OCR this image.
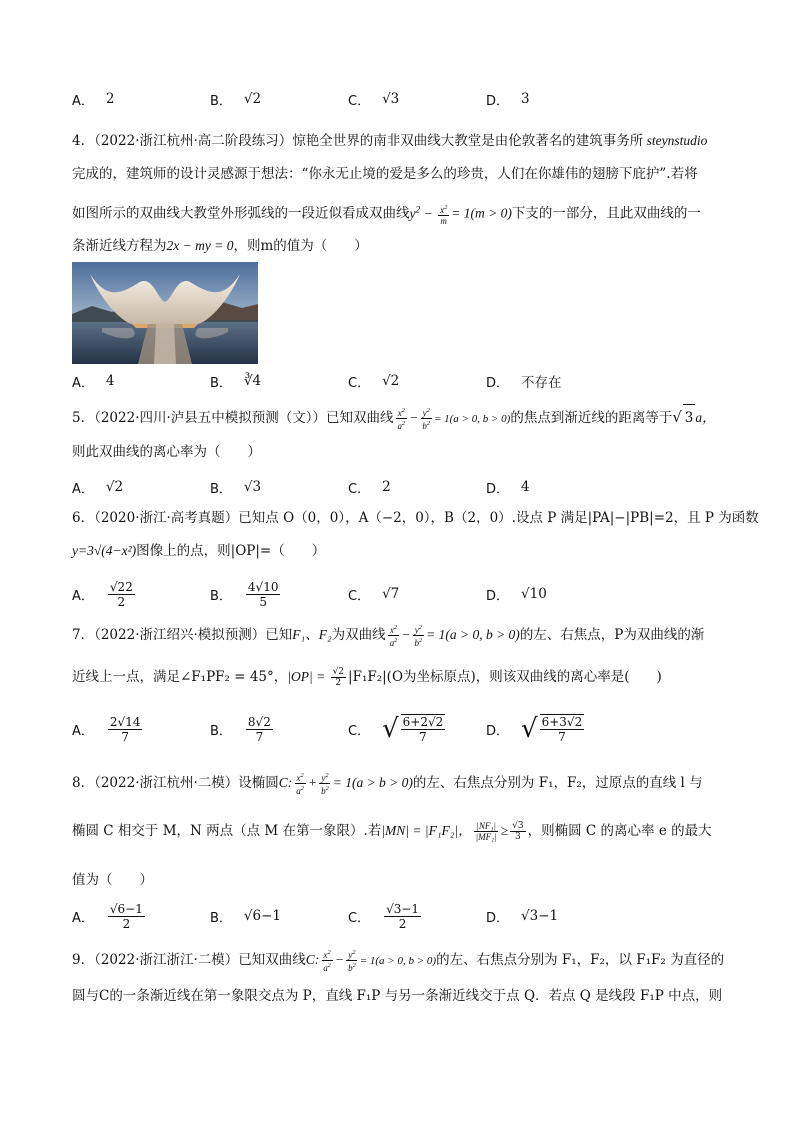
A． 2	B． √2	C． √3	D． 3
4．（2022·浙江杭州·高二阶段练习）惊艳全世界的南非双曲线大教堂是由伦敦著名的建筑事务所 steynstudio
完成的，建筑师的设计灵感源于想法：“你永无止境的爱是多么的珍贵，人们在你雄伟的翅膀下庇护”.若将
如图所示的双曲线大教堂外形弧线的一段近似看成双曲线$y^2 - \frac{x^2}{m} = 1(m > 0)$下支的一部分，且此双曲线的一
条渐近线方程为2x − my = 0，则m的值为（　　）
A． 4	B． ∛4	C． √2	D． 不存在
5．（2022·四川·泸县五中模拟预测（文））已知双曲线 $\frac{x^2}{a^2} - \frac{y^2}{b^2} = 1(a > 0$, b > 0)的焦点到渐近线的距离等于 √ 3 a，
则此双曲线的离心率为（　　）
A． √2	B． √3	C． 2	D． 4
6．（2020·浙江·高考真题）已知点 O（0，0），A（−2，0），B（2，0）.设点 P 满足|PA|−|PB|=2，且 P 为函数
y=3√(4−x²)图像上的点，则|OP|=（　　）
A． $\frac{√22}{2}$	B． $\frac{4√10}{5}$	C． √7	D． √10
7．（2022·浙江绍兴·模拟预测）已知F₁、F₂为双曲线 $\frac{x^2}{a^2} - \frac{y^2}{b^2} = 1(a > 0$, b > 0)的左、右焦点，P为双曲线的渐
近线上一点，满足∠F₁PF₂ = 45°，$|OP| = \frac{√2}{2} |F_1F_2|(O$为坐标原点)，则该双曲线的离心率是(　　)
A． $\frac{2√14}{7}$	B． $\frac{8√2}{7}$	C． √ $\frac{6+2√2}{7}$	D． √ $\frac{6+3√2}{7}$
8．（2022·浙江杭州·二模）设椭圆C: $\frac{x^2}{a^2} + \frac{y^2}{b^2} = 1(a > b > 0)$的左、右焦点分别为 F₁，F₂，过原点的直线 l 与
椭圆 C 相交于 M，N 两点（点 M 在第一象限）.若|MN| = |F₁F₂|， $\frac{\text{|NF₁|}}{\text{|MF₁|}} \ge \frac{√3}{3}$ ，则椭圆 C 的离心率 e 的最大
值为（　　）
A． $\frac{√6-1}{2}$	B． √6−1	C． $\frac{√3-1}{2}$	D． √3−1
9．（2022·浙江浙江·二模）已知双曲线C: $\frac{x^2}{a^2} - \frac{y^2}{b^2} = 1(a > 0$, b > 0)的左、右焦点分别为 F₁，F₂，以 F₁F₂ 为直径的
圆与C的一条渐近线在第一象限交点为 P，直线 F₁P 与另一条渐近线交于点 Q．若点 Q 是线段 F₁P 中点，则
